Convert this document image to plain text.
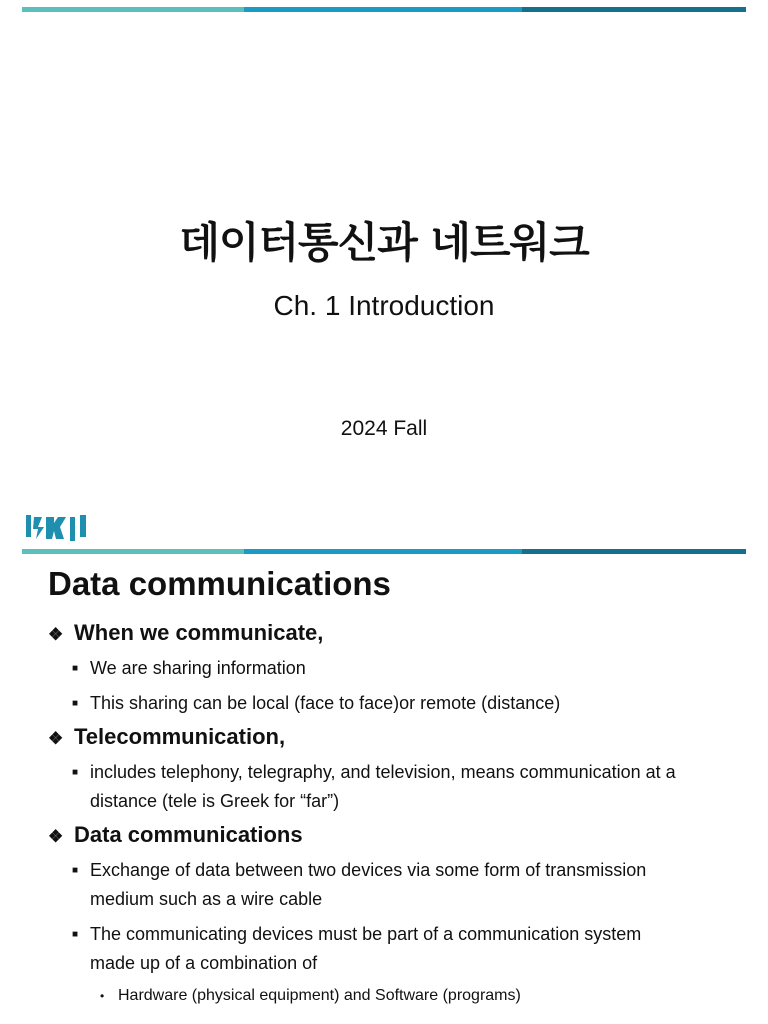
데이터통신과 네트워크
Ch. 1 Introduction
2024 Fall
Data communications
❖ When we communicate,
■ We are sharing information
■ This sharing can be local (face to face)or remote (distance)
❖ Telecommunication,
■ includes telephony, telegraphy, and television, means communication at a distance (tele is Greek for “far”)
❖ Data communications
■ Exchange of data between two devices via some form of transmission medium such as a wire cable
■ The communicating devices must be part of a communication system made up of a combination of
• Hardware (physical equipment) and Software (programs)
